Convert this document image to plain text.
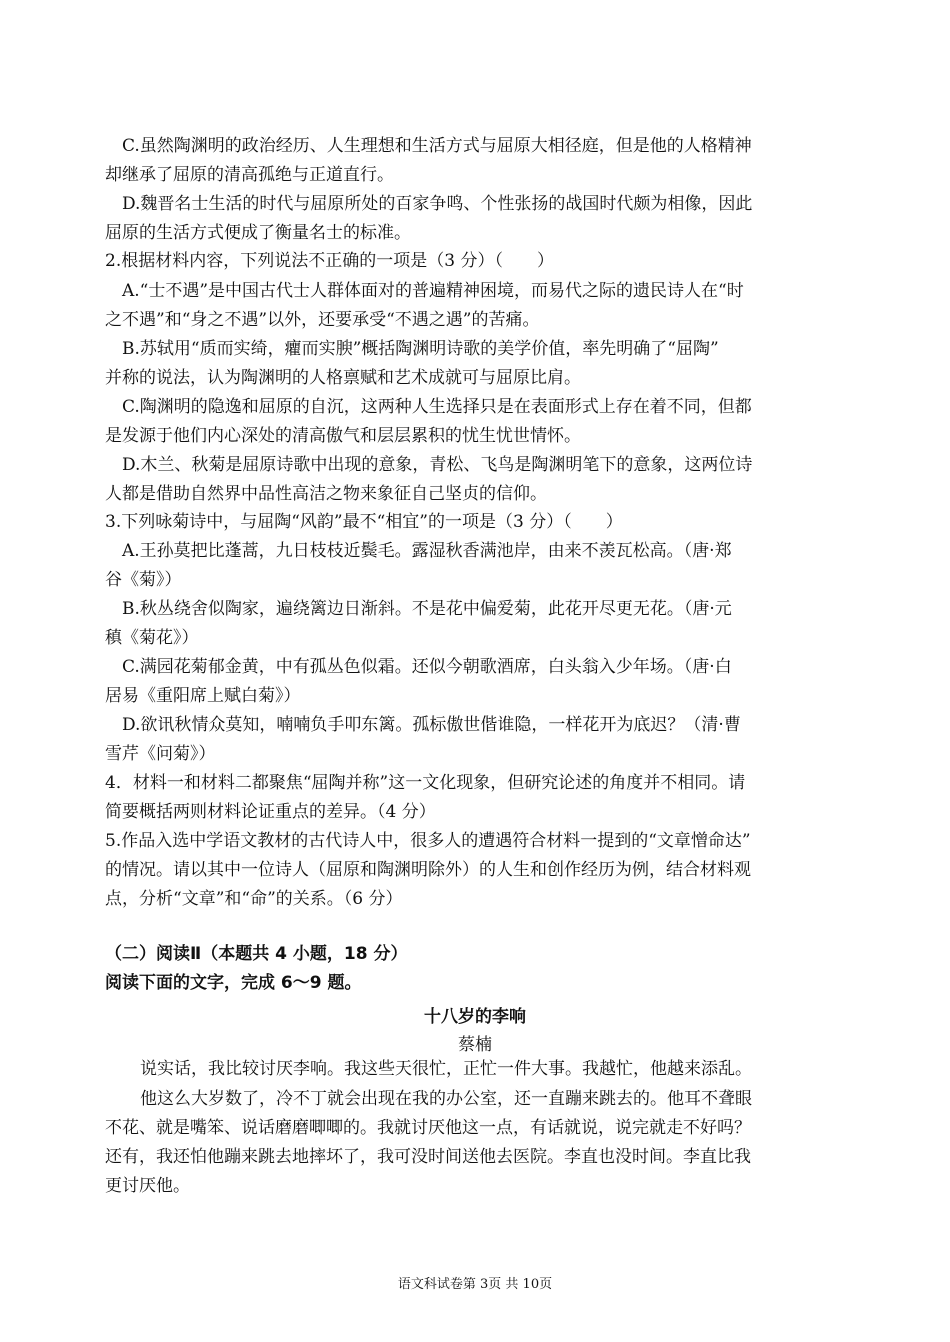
C.虽然陶渊明的政治经历、人生理想和生活方式与屈原大相径庭，但是他的人格精神
却继承了屈原的清高孤绝与正道直行。
D.魏晋名士生活的时代与屈原所处的百家争鸣、个性张扬的战国时代颇为相像，因此
屈原的生活方式便成了衡量名士的标准。
2.根据材料内容，下列说法不正确的一项是（3 分）（　　）
A.“士不遇”是中国古代士人群体面对的普遍精神困境，而易代之际的遗民诗人在“时
之不遇”和“身之不遇”以外，还要承受“不遇之遇”的苦痛。
B.苏轼用“质而实绮，癯而实腴”概括陶渊明诗歌的美学价值，率先明确了“屈陶”
并称的说法，认为陶渊明的人格禀赋和艺术成就可与屈原比肩。
C.陶渊明的隐逸和屈原的自沉，这两种人生选择只是在表面形式上存在着不同，但都
是发源于他们内心深处的清高傲气和层层累积的忧生忧世情怀。
D.木兰、秋菊是屈原诗歌中出现的意象，青松、飞鸟是陶渊明笔下的意象，这两位诗
人都是借助自然界中品性高洁之物来象征自己坚贞的信仰。
3.下列咏菊诗中，与屈陶“风韵”最不“相宜”的一项是（3 分）（　　）
A.王孙莫把比蓬蒿，九日枝枝近鬓毛。露湿秋香满池岸，由来不羡瓦松高。（唐·郑
谷《菊》）
B.秋丛绕舍似陶家，遍绕篱边日渐斜。不是花中偏爱菊，此花开尽更无花。（唐·元
稹《菊花》）
C.满园花菊郁金黄，中有孤丛色似霜。还似今朝歌酒席，白头翁入少年场。（唐·白
居易《重阳席上赋白菊》）
D.欲讯秋情众莫知，喃喃负手叩东篱。孤标傲世偕谁隐，一样花开为底迟？（清·曹
雪芹《问菊》）
4．材料一和材料二都聚焦“屈陶并称”这一文化现象，但研究论述的角度并不相同。请
简要概括两则材料论证重点的差异。（4 分）
5.作品入选中学语文教材的古代诗人中，很多人的遭遇符合材料一提到的“文章憎命达”
的情况。请以其中一位诗人（屈原和陶渊明除外）的人生和创作经历为例，结合材料观
点，分析“文章”和“命”的关系。（6 分）
（二）阅读Ⅱ（本题共 4 小题，18 分）
阅读下面的文字，完成 6～9 题。
十八岁的李响
蔡楠
说实话，我比较讨厌李响。我这些天很忙，正忙一件大事。我越忙，他越来添乱。
他这么大岁数了，冷不丁就会出现在我的办公室，还一直蹦来跳去的。他耳不聋眼
不花、就是嘴笨、说话磨磨唧唧的。我就讨厌他这一点，有话就说，说完就走不好吗？
还有，我还怕他蹦来跳去地摔坏了，我可没时间送他去医院。李直也没时间。李直比我
更讨厌他。
语文科试卷第 3页 共 10页
